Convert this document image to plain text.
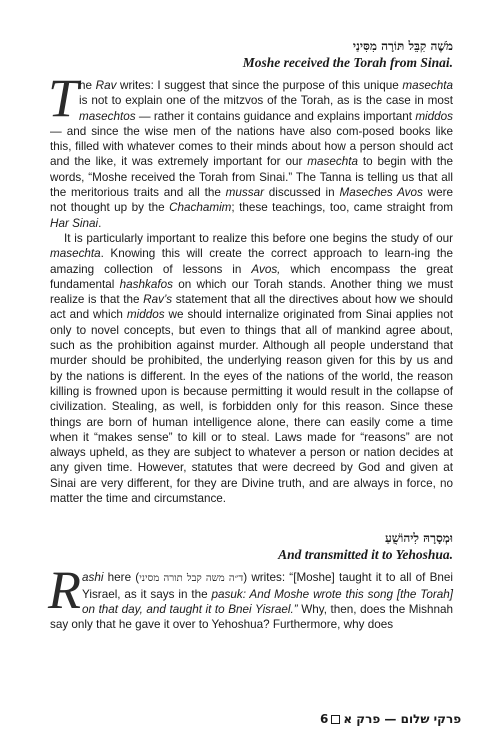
מֹשֶׁה קִבֵּל תּוֹרָה מִסִּינַי
Moshe received the Torah from Sinai.

The Rav writes: I suggest that since the purpose of this unique masechta is not to explain one of the mitzvos of the Torah, as is the case in most masechtos — rather it contains guidance and explains important middos — and since the wise men of the nations have also com-posed books like this, filled with whatever comes to their minds about how a person should act and the like, it was extremely important for our masechta to begin with the words, “Moshe received the Torah from Sinai.” The Tanna is telling us that all the meritorious traits and all the mussar discussed in Maseches Avos were not thought up by the Chachamim; these teachings, too, came straight from Har Sinai.

It is particularly important to realize this before one begins the study of our masechta. Knowing this will create the correct approach to learn-ing the amazing collection of lessons in Avos, which encompass the great fundamental hashkafos on which our Torah stands. Another thing we must realize is that the Rav’s statement that all the directives about how we should act and which middos we should internalize originated from Sinai applies not only to novel concepts, but even to things that all of mankind agree about, such as the prohibition against murder. Although all people understand that murder should be prohibited, the underlying reason given for this by us and by the nations is different. In the eyes of the nations of the world, the reason killing is frowned upon is because permitting it would result in the collapse of civilization. Stealing, as well, is forbidden only for this reason. Since these things are born of human intelligence alone, there can easily come a time when it “makes sense” to kill or to steal. Laws made for “reasons” are not always upheld, as they are subject to whatever a person or nation decides at any given time. However, statutes that were decreed by God and given at Sinai are very different, for they are Divine truth, and are always in force, no matter the time and circumstance.

וּמְסָרָהּ לִיהוֹשֻׁעַ
And transmitted it to Yehoshua.

Rashi here (ד״ה משה קבל תורה מסיני) writes: “[Moshe] taught it to all of Bnei Yisrael, as it says in the pasuk: And Moshe wrote this song [the Torah] on that day, and taught it to Bnei Yisrael.” Why, then, does the Mishnah say only that he gave it over to Yehoshua? Furthermore, why does

6 פרקי שלום — פרק א
